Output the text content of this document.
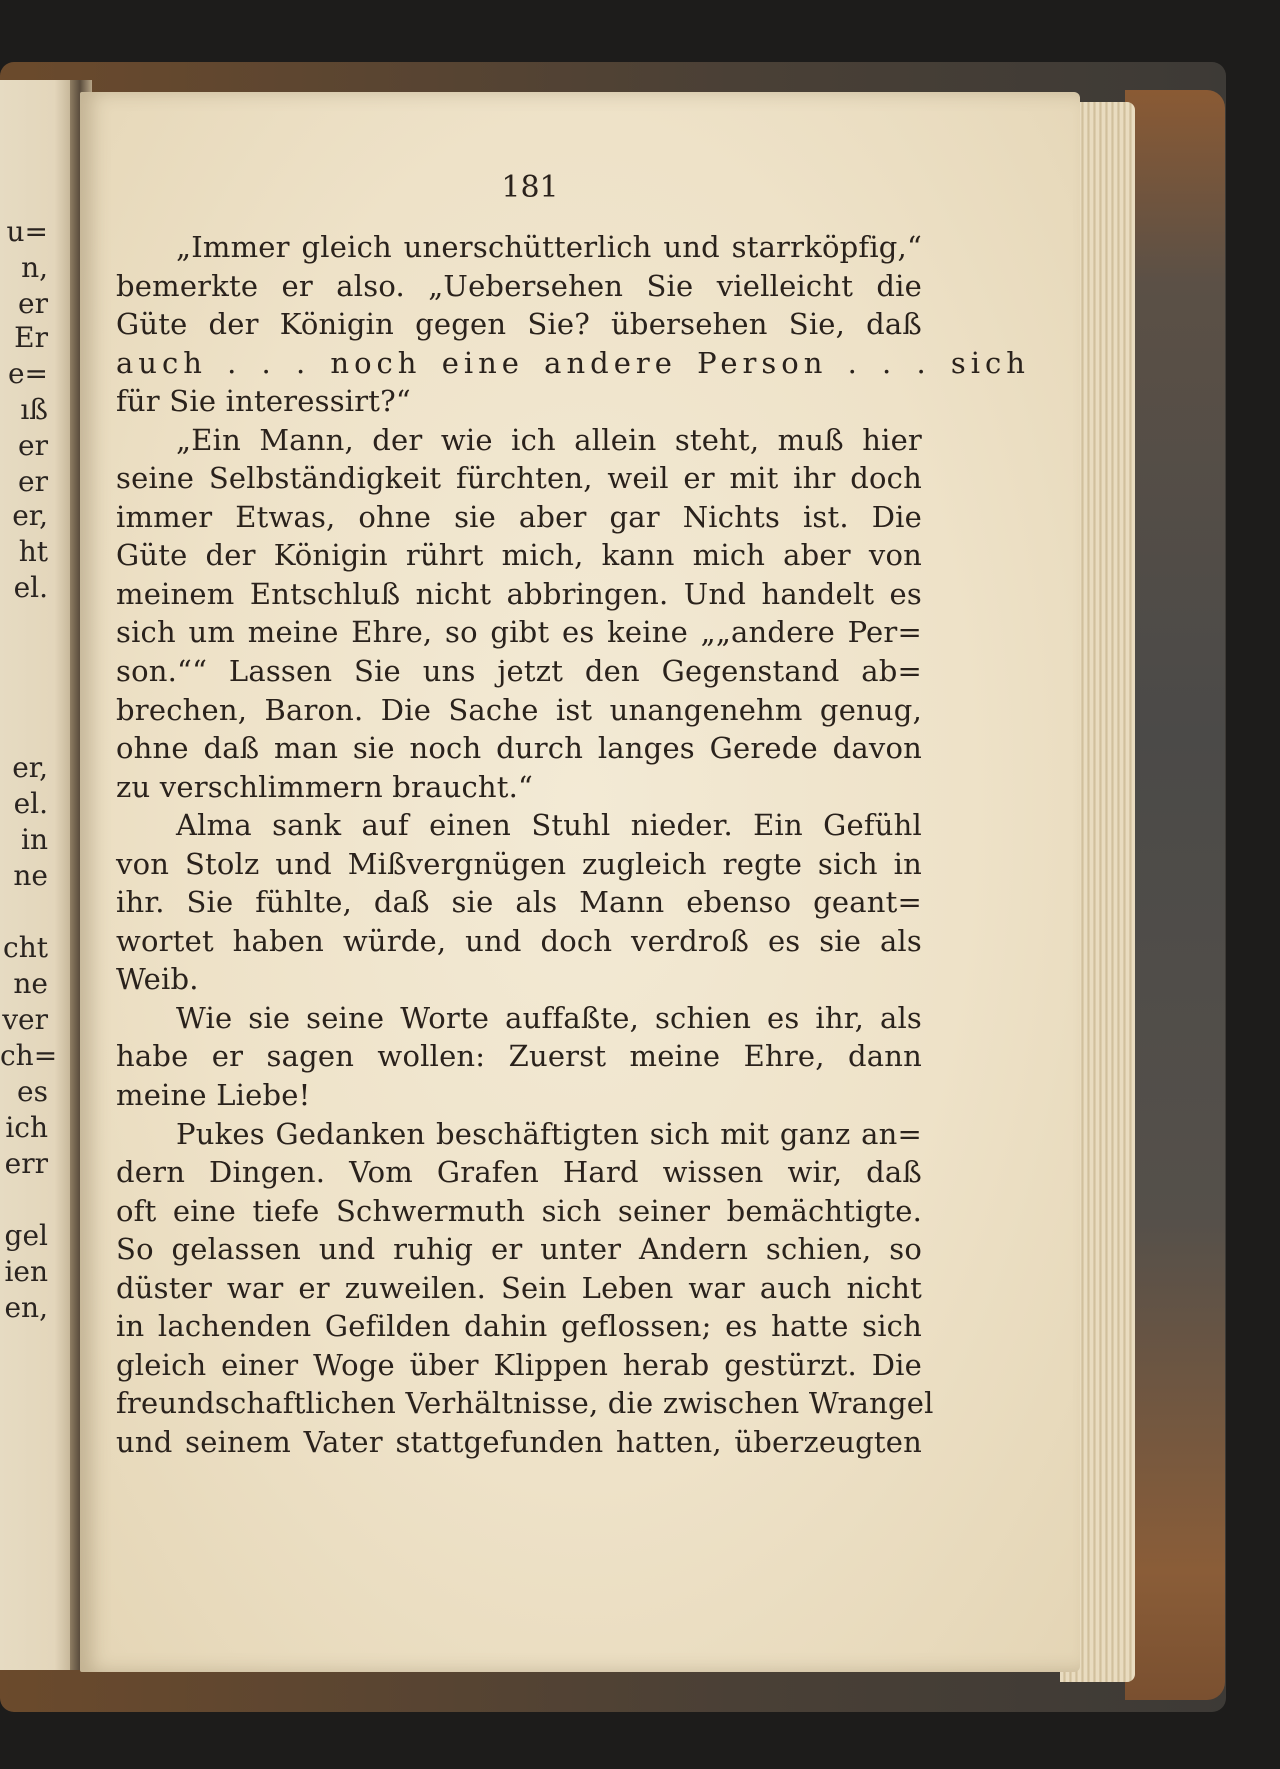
u=
n,
er
Er
e=
ıß
er
er
er,
ht
el.
er,
el.
in
ne
cht
ne
ver
ch=
es
ich
err
gel
ien
en,
181
„Immer gleich unerschütterlich und starrköpfig,“
bemerkte er also. „Uebersehen Sie vielleicht die
Güte der Königin gegen Sie? übersehen Sie, daß
auch . . . noch eine andere Person . . . sich
für Sie interessirt?“
„Ein Mann, der wie ich allein steht, muß hier
seine Selbständigkeit fürchten, weil er mit ihr doch
immer Etwas, ohne sie aber gar Nichts ist. Die
Güte der Königin rührt mich, kann mich aber von
meinem Entschluß nicht abbringen. Und handelt es
sich um meine Ehre, so gibt es keine „„andere Per=
son.““ Lassen Sie uns jetzt den Gegenstand ab=
brechen, Baron. Die Sache ist unangenehm genug,
ohne daß man sie noch durch langes Gerede davon
zu verschlimmern braucht.“
Alma sank auf einen Stuhl nieder. Ein Gefühl
von Stolz und Mißvergnügen zugleich regte sich in
ihr. Sie fühlte, daß sie als Mann ebenso geant=
wortet haben würde, und doch verdroß es sie als
Weib.
Wie sie seine Worte auffaßte, schien es ihr, als
habe er sagen wollen: Zuerst meine Ehre, dann
meine Liebe!
Pukes Gedanken beschäftigten sich mit ganz an=
dern Dingen. Vom Grafen Hard wissen wir, daß
oft eine tiefe Schwermuth sich seiner bemächtigte.
So gelassen und ruhig er unter Andern schien, so
düster war er zuweilen. Sein Leben war auch nicht
in lachenden Gefilden dahin geflossen; es hatte sich
gleich einer Woge über Klippen herab gestürzt. Die
freundschaftlichen Verhältnisse, die zwischen Wrangel
und seinem Vater stattgefunden hatten, überzeugten
